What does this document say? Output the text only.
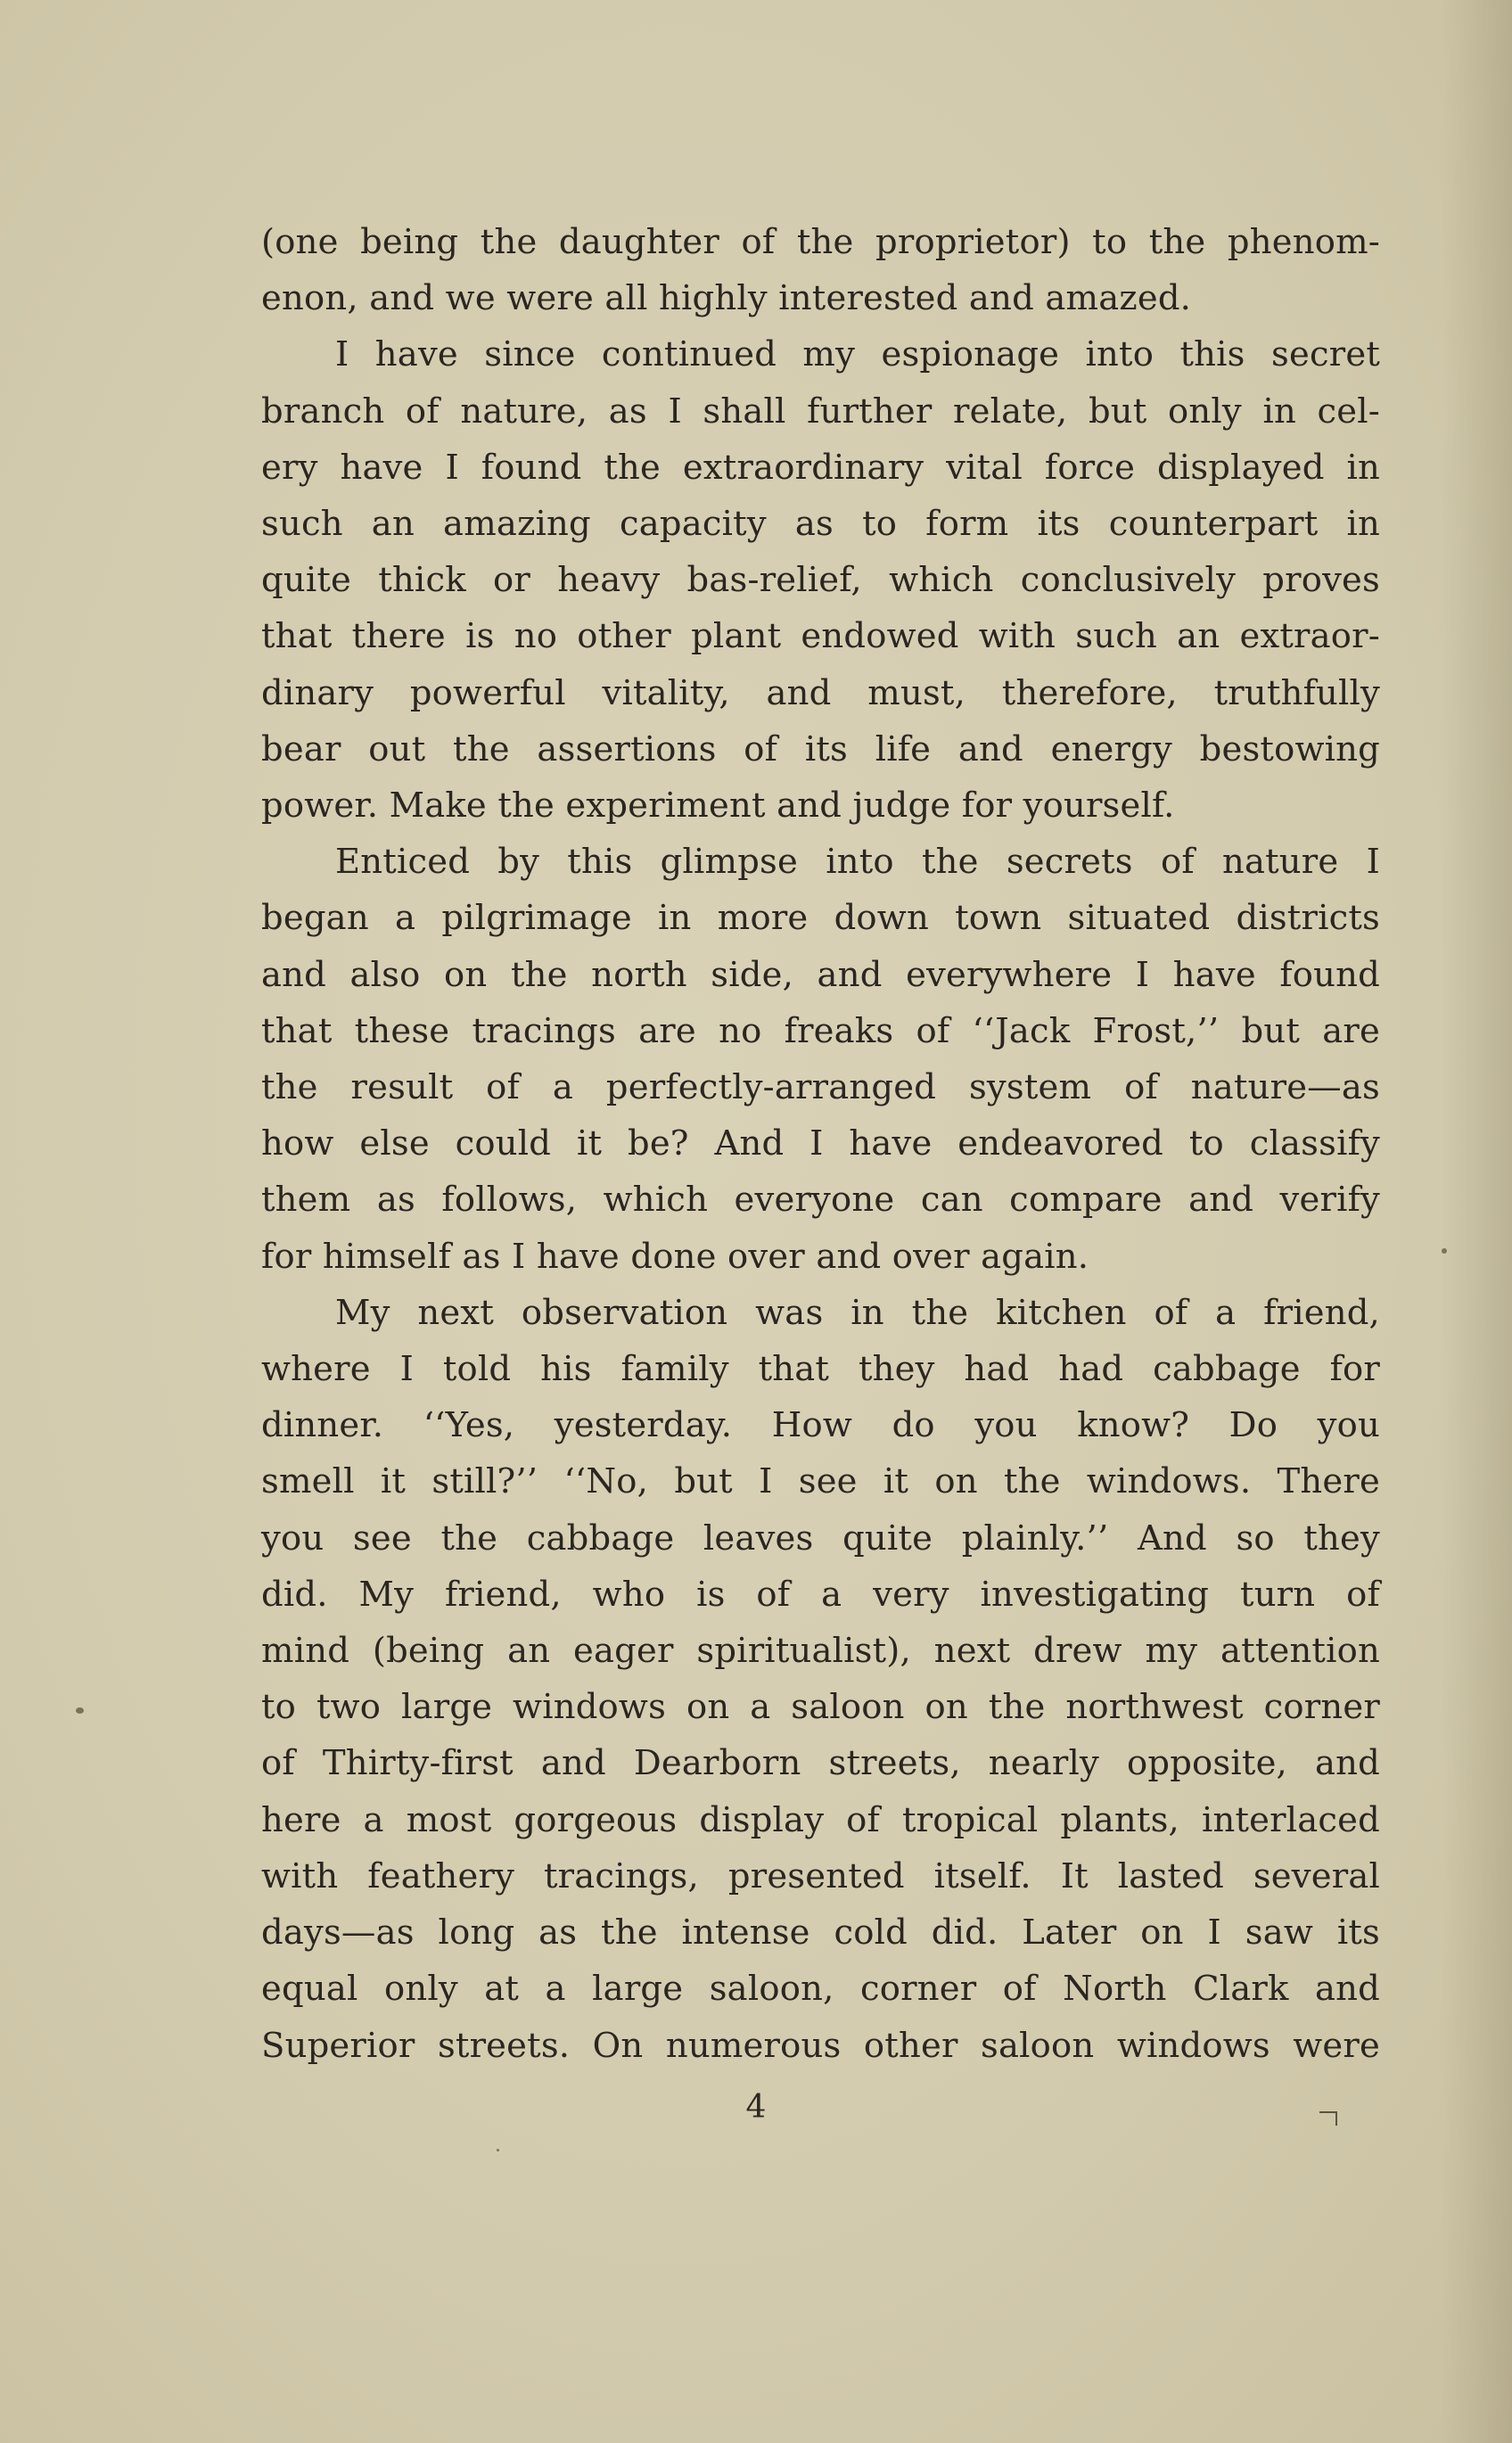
(one being the daughter of the proprietor) to the phenom-
enon, and we were all highly interested and amazed.

I have since continued my espionage into this secret
branch of nature, as I shall further relate, but only in cel-
ery have I found the extraordinary vital force displayed in
such an amazing capacity as to form its counterpart in
quite thick or heavy bas-relief, which conclusively proves
that there is no other plant endowed with such an extraor-
dinary powerful vitality, and must, therefore, truthfully
bear out the assertions of its life and energy bestowing
power. Make the experiment and judge for yourself.

Enticed by this glimpse into the secrets of nature I
began a pilgrimage in more down town situated districts
and also on the north side, and everywhere I have found
that these tracings are no freaks of ‘‘Jack Frost,’’ but are
the result of a perfectly-arranged system of nature—as
how else could it be? And I have endeavored to classify
them as follows, which everyone can compare and verify
for himself as I have done over and over again.

My next observation was in the kitchen of a friend,
where I told his family that they had had cabbage for
dinner. ‘‘Yes, yesterday. How do you know? Do you
smell it still?’’ ‘‘No, but I see it on the windows. There
you see the cabbage leaves quite plainly.’’ And so they
did. My friend, who is of a very investigating turn of
mind (being an eager spiritualist), next drew my attention
to two large windows on a saloon on the northwest corner
of Thirty-first and Dearborn streets, nearly opposite, and
here a most gorgeous display of tropical plants, interlaced
with feathery tracings, presented itself. It lasted several
days—as long as the intense cold did. Later on I saw its
equal only at a large saloon, corner of North Clark and
Superior streets. On numerous other saloon windows were

4
